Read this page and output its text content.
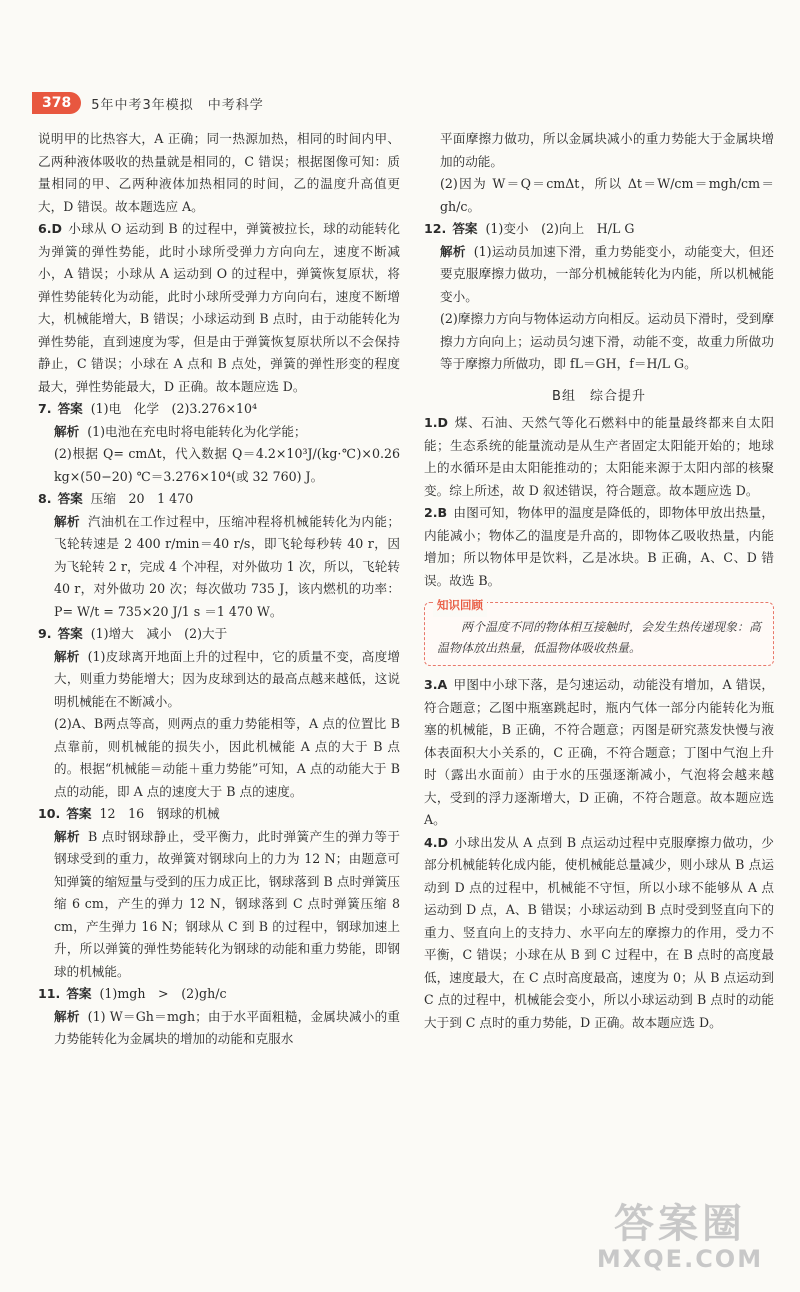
378	5年中考3年模拟　中考科学

说明甲的比热容大，A 正确；同一热源加热，相同的时间内甲、乙两种液体吸收的热量就是相同的，C 错误；根据图像可知：质量相同的甲、乙两种液体加热相同的时间，乙的温度升高值更大，D 错误。故本题选应 A。

6.D 小球从 O 运动到 B 的过程中，弹簧被拉长，球的动能转化为弹簧的弹性势能，此时小球所受弹力方向向左，速度不断减小，A 错误；小球从 A 运动到 O 的过程中，弹簧恢复原状，将弹性势能转化为动能，此时小球所受弹力方向向右，速度不断增大，机械能增大，B 错误；小球运动到 B 点时，由于动能转化为弹性势能，直到速度为零，但是由于弹簧恢复原状所以不会保持静止，C 错误；小球在 A 点和 B 点处，弹簧的弹性形变的程度最大，弹性势能最大，D 正确。故本题应选 D。

7. 答案 (1)电　化学　(2)3.276×10⁴

解析 (1)电池在充电时将电能转化为化学能；

(2)根据 Q= cmΔt，代入数据 Q＝4.2×10³J/(kg·℃)×0.26 kg×(50−20) ℃＝3.276×10⁴(或 32 760) J。

8. 答案 压缩　20　1 470

解析 汽油机在工作过程中，压缩冲程将机械能转化为内能；飞轮转速是 2 400 r/min＝40 r/s，即飞轮每秒转 40 r，因为飞轮转 2 r，完成 4 个冲程，对外做功 1 次，所以，飞轮转 40 r，对外做功 20 次；每次做功 735 J，该内燃机的功率：P= W/t = 735×20 J/1 s ＝1 470 W。

9. 答案 (1)增大　减小　(2)大于

解析 (1)皮球离开地面上升的过程中，它的质量不变，高度增大，则重力势能增大；因为皮球到达的最高点越来越低，这说明机械能在不断减小。

(2)A、B两点等高，则两点的重力势能相等，A 点的位置比 B 点靠前，则机械能的损失小，因此机械能 A 点的大于 B 点的。根据“机械能＝动能＋重力势能”可知，A 点的动能大于 B 点的动能，即 A 点的速度大于 B 点的速度。

10. 答案 12　16　钢球的机械

解析 B 点时钢球静止，受平衡力，此时弹簧产生的弹力等于钢球受到的重力，故弹簧对钢球向上的力为 12 N；由题意可知弹簧的缩短量与受到的压力成正比，钢球落到 B 点时弹簧压缩 6 cm，产生的弹力 12 N，钢球落到 C 点时弹簧压缩 8 cm，产生弹力 16 N；钢球从 C 到 B 的过程中，钢球加速上升，所以弹簧的弹性势能转化为钢球的动能和重力势能，即钢球的机械能。

11. 答案 (1)mgh　>　(2)gh/c

解析 (1) W＝Gh＝mgh；由于水平面粗糙，金属块减小的重力势能转化为金属块的增加的动能和克服水

平面摩擦力做功，所以金属块减小的重力势能大于金属块增加的动能。

(2)因为 W＝Q＝cmΔt，所以 Δt＝W/cm＝mgh/cm＝gh/c。

12. 答案 (1)变小　(2)向上　H/L G

解析 (1)运动员加速下滑，重力势能变小，动能变大，但还要克服摩擦力做功，一部分机械能转化为内能，所以机械能变小。

(2)摩擦力方向与物体运动方向相反。运动员下滑时，受到摩擦力方向向上；运动员匀速下滑，动能不变，故重力所做功等于摩擦力所做功，即 fL＝GH，f＝H/L G。

B组　综合提升

1.D 煤、石油、天然气等化石燃料中的能量最终都来自太阳能；生态系统的能量流动是从生产者固定太阳能开始的；地球上的水循环是由太阳能推动的；太阳能来源于太阳内部的核聚变。综上所述，故 D 叙述错误，符合题意。故本题应选 D。

2.B 由图可知，物体甲的温度是降低的，即物体甲放出热量，内能减小；物体乙的温度是升高的，即物体乙吸收热量，内能增加；所以物体甲是饮料，乙是冰块。B 正确，A、C、D 错误。故选 B。

知识回顾
两个温度不同的物体相互接触时，会发生热传递现象：高温物体放出热量，低温物体吸收热量。

3.A 甲图中小球下落，是匀速运动，动能没有增加，A 错误，符合题意；乙图中瓶塞跳起时，瓶内气体一部分内能转化为瓶塞的机械能，B 正确，不符合题意；丙图是研究蒸发快慢与液体表面积大小关系的，C 正确，不符合题意；丁图中气泡上升时（露出水面前）由于水的压强逐渐减小，气泡将会越来越大，受到的浮力逐渐增大，D 正确，不符合题意。故本题应选 A。

4.D 小球出发从 A 点到 B 点运动过程中克服摩擦力做功，少部分机械能转化成内能，使机械能总量减少，则小球从 B 点运动到 D 点的过程中，机械能不守恒，所以小球不能够从 A 点运动到 D 点，A、B 错误；小球运动到 B 点时受到竖直向下的重力、竖直向上的支持力、水平向左的摩擦力的作用，受力不平衡，C 错误；小球在从 B 到 C 过程中，在 B 点时的高度最低，速度最大，在 C 点时高度最高，速度为 0；从 B 点运动到 C 点的过程中，机械能会变小，所以小球运动到 B 点时的动能大于到 C 点时的重力势能，D 正确。故本题应选 D。

答案圈
MXQE.COM
